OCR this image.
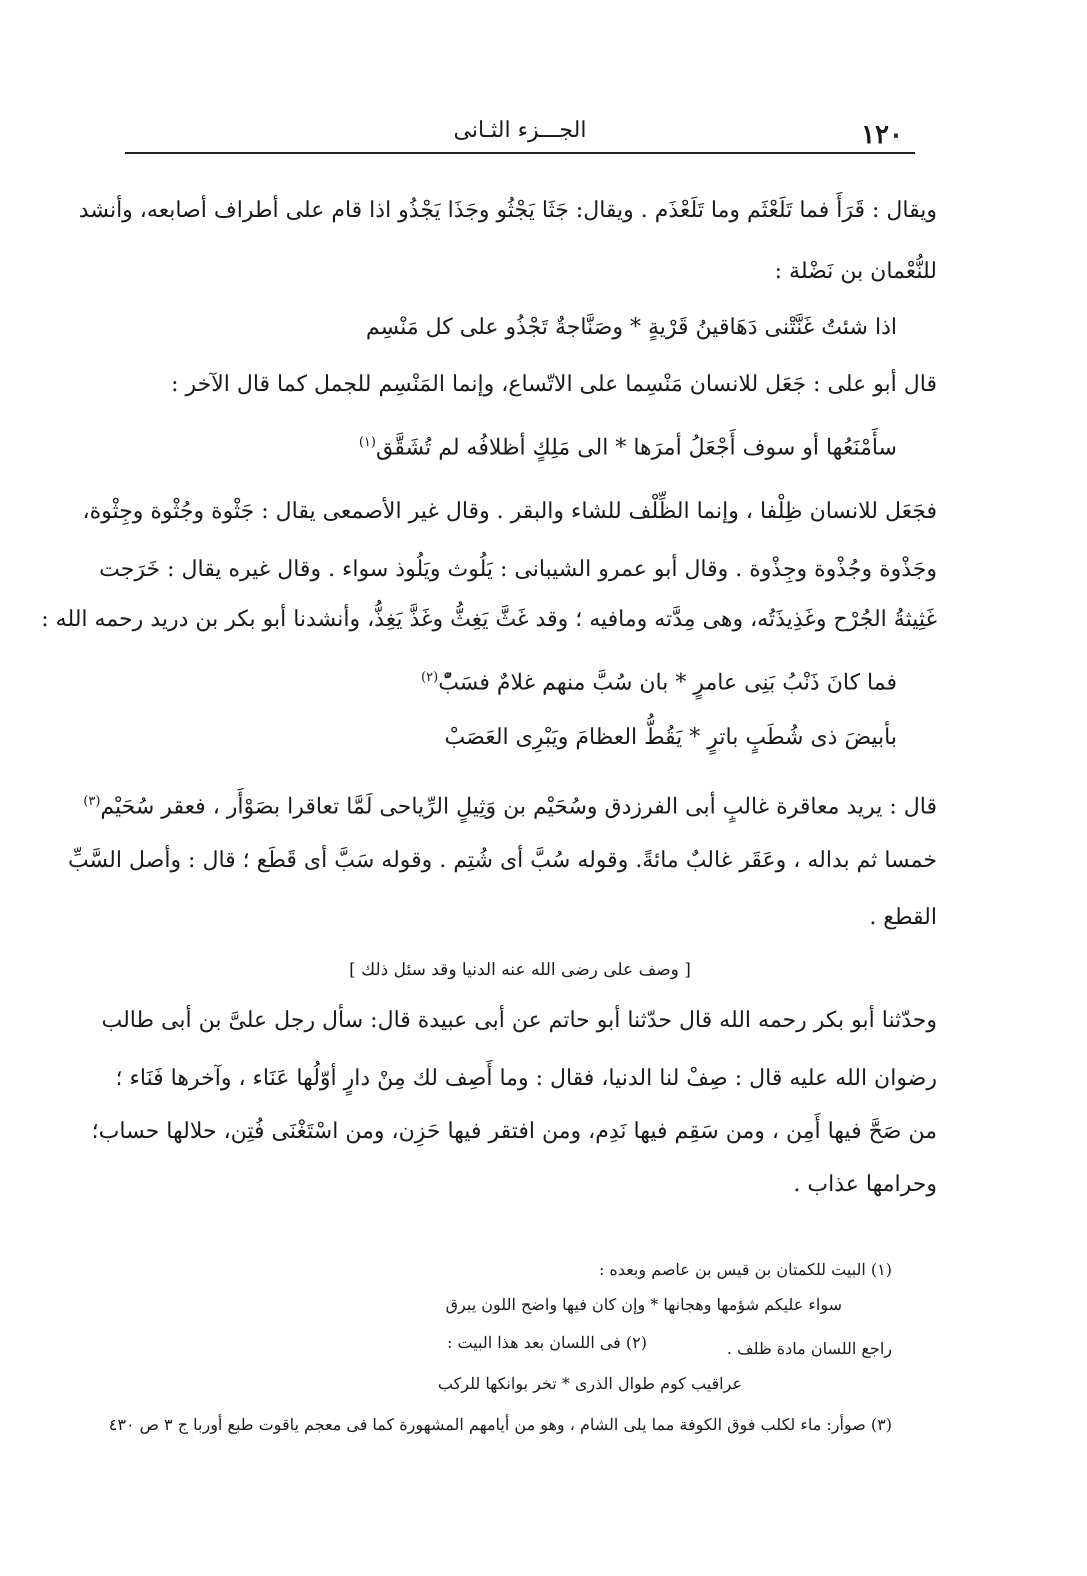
١٢٠
الجـــزء الثـانى
ويقال : قَرَأَ فما تَلَعْثَم وما تَلَعْذَم . ويقال: جَثَا يَجْثُو وجَذَا يَجْذُو اذا قام على أطراف أصابعه، وأنشد
للنُّعْمان بن نَضْلة :
اذا شئتُ غَنَّتْنى دَهَاقينُ قَرْيةٍ * وصَنَّاجةٌ تَجْذُو على كل مَنْسِم
قال أبو على : جَعَل للانسان مَنْسِما على الاتّساع، وإنما المَنْسِم للجمل كما قال الآخر :
سأَمْنَعُها أو سوف أَجْعَلُ أمرَها * الى مَلِكٍ أظلافُه لم تُشَقَّق$^{(١)}$
فجَعَل للانسان ظِلْفا ، وإنما الظِّلْف للشاء والبقر . وقال غير الأصمعى يقال : جَثْوة وجُثْوة وجِثْوة،
وجَذْوة وجُذْوة وجِذْوة . وقال أبو عمرو الشيبانى : يَلُوث ويَلُوذ سواء . وقال غيره يقال : خَرَجت
غَثِيثةُ الجُرْح وغَذِيذَتُه، وهى مِدَّته ومافيه ؛ وقد غَثَّ يَغِثُّ وغَذَّ يَغِذُّ، وأنشدنا أبو بكر بن دريد رحمه الله :
فما كانَ ذَنْبُ بَنِى عامرٍ * بان سُبَّ منهم غلامٌ فسَبّْ$^{(٢)}$
بأبيضَ ذى شُطَبٍ باترٍ * يَقُطُّ العظامَ ويَبْرِى العَصَبْ
قال : يريد معاقرة غالبٍ أبى الفرزدق وسُحَيْم بن وَثِيلٍ الرِّياحى لَمَّا تعاقرا بصَوْأَر ، فعقر سُحَيْم$^{(٣)}$
خمسا ثم بداله ، وعَقَر غالبٌ مائةً. وقوله سُبَّ أى شُتِم . وقوله سَبَّ أى قَطَع ؛ قال : وأصل السَّبِّ
القطع .
[ وصف على رضى الله عنه الدنيا وقد سئل ذلك ]
وحدّثنا أبو بكر رحمه الله قال حدّثنا أبو حاتم عن أبى عبيدة قال: سأل رجل علىَّ بن أبى طالب
رضوان الله عليه قال : صِفْ لنا الدنيا، فقال : وما أَصِف لك مِنْ دارٍ أوّلُها عَنَاء ، وآخرها فَنَاء ؛
من صَحَّ فيها أَمِن ، ومن سَقِم فيها نَدِم، ومن افتقر فيها حَزِن، ومن اسْتَغْنَى فُتِن، حلالها حساب؛
وحرامها عذاب .
(١) البيت للكمتان بن قيس بن عاصم وبعده :
سواء عليكم شؤمها وهجانها * وإن كان فيها واضح اللون يبرق
راجع اللسان مادة ظلف .
(٢) فى اللسان بعد هذا البيت :
عراقيب كوم طوال الذرى * تخر بوانكها للركب
(٣) صوأر: ماء لكلب فوق الكوفة مما يلى الشام ، وهو من أيامهم المشهورة كما فى معجم ياقوت طبع أوربا ج ٣ ص ٤٣٠
